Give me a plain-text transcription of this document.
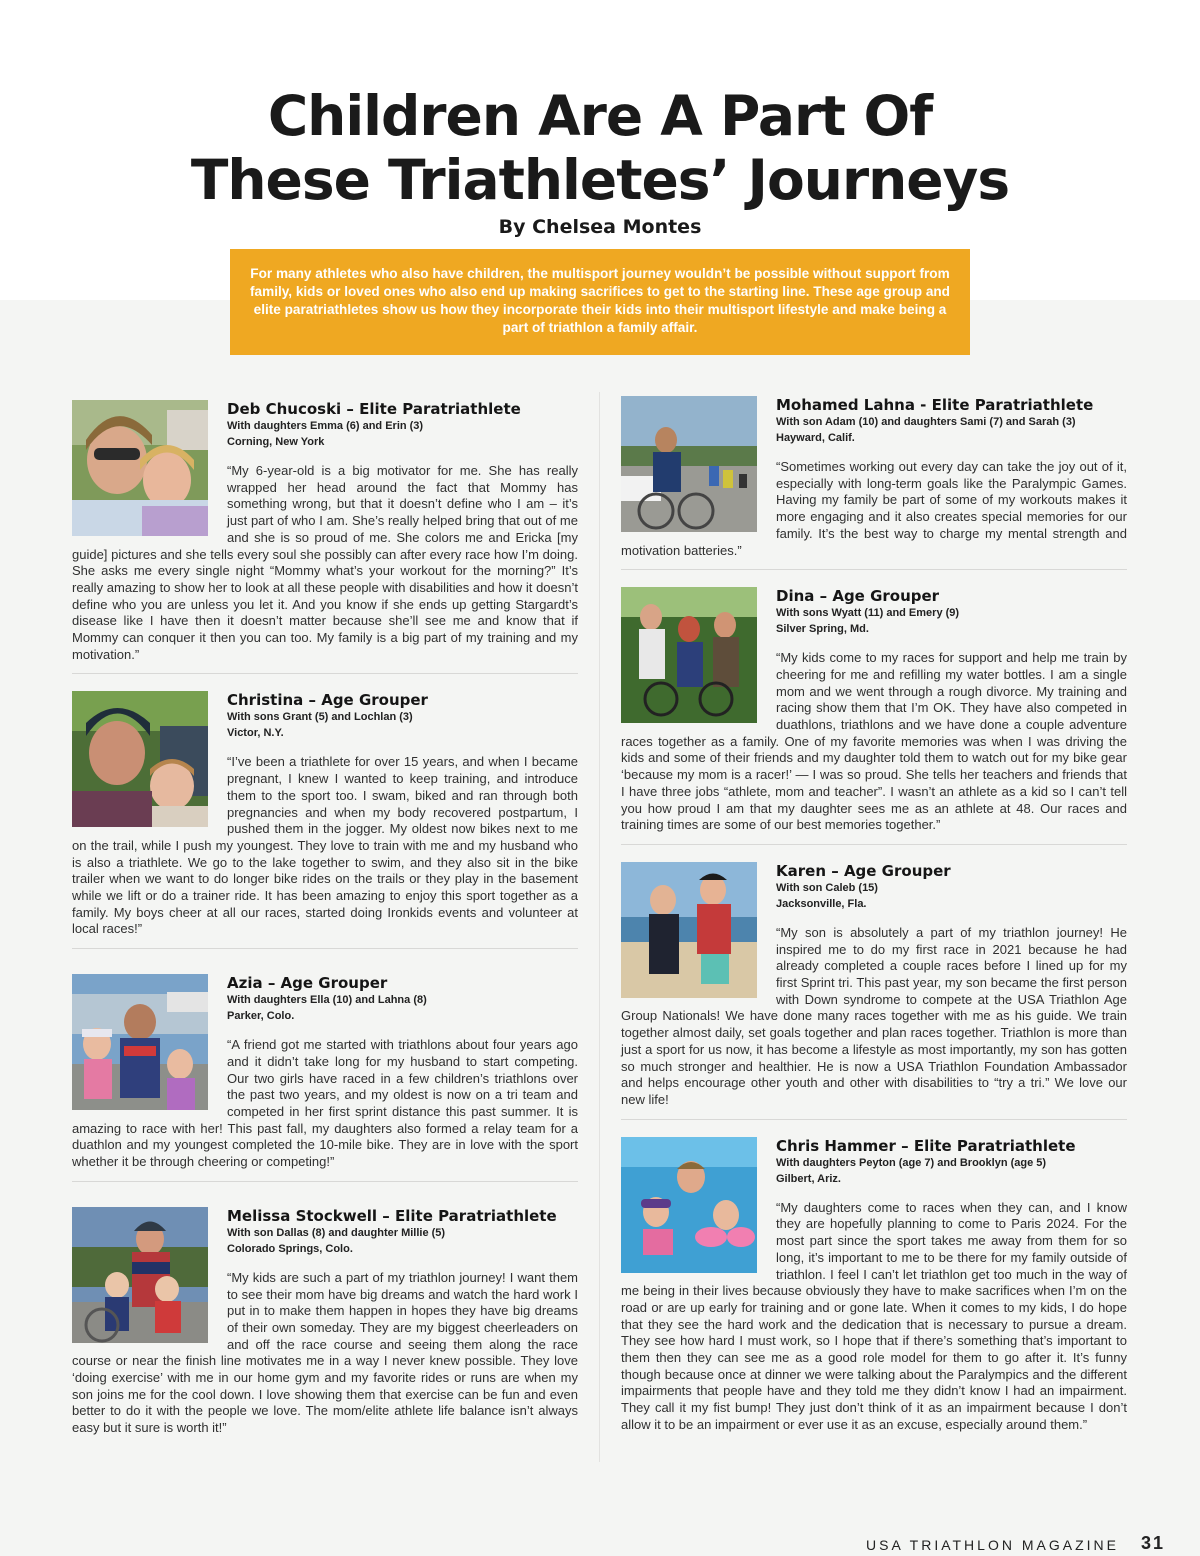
Children Are A Part Of
These Triathletes’ Journeys
By Chelsea Montes
For many athletes who also have children, the multisport journey wouldn’t be possible without support from family, kids or loved ones who also end up making sacrifices to get to the starting line. These age group and elite paratriathletes show us how they incorporate their kids into their multisport lifestyle and make being a part of triathlon a family affair.

Deb Chucoski – Elite Paratriathlete

With daughters Emma (6) and Erin (3)

Corning, New York

“My 6-year-old is a big motivator for me. She has really wrapped her head around the fact that Mommy has something wrong, but that it doesn’t define who I am – it’s just part of who I am. She’s really helped bring that out of me and she is so proud of me. She colors me and Ericka [my guide] pictures and she tells every soul she possibly can after every race how I’m doing. She asks me every single night “Mommy what’s your workout for the morning?” It’s really amazing to show her to look at all these people with disabilities and how it doesn’t define who you are unless you let it. And you know if she ends up getting Stargardt’s disease like I have then it doesn’t matter because she’ll see me and know that if Mommy can conquer it then you can too. My family is a big part of my training and my motivation.”

Christina – Age Grouper

With sons Grant (5) and Lochlan (3)

Victor, N.Y.

“I’ve been a triathlete for over 15 years, and when I became pregnant, I knew I wanted to keep training, and introduce them to the sport too. I swam, biked and ran through both pregnancies and when my body recovered postpartum, I pushed them in the jogger. My oldest now bikes next to me on the trail, while I push my youngest. They love to train with me and my husband who is also a triathlete. We go to the lake together to swim, and they also sit in the bike trailer when we want to do longer bike rides on the trails or they play in the basement while we lift or do a trainer ride. It has been amazing to enjoy this sport together as a family. My boys cheer at all our races, started doing Ironkids events and volunteer at local races!”

Azia – Age Grouper

With daughters Ella (10) and Lahna (8)

Parker, Colo.

“A friend got me started with triathlons about four years ago and it didn’t take long for my husband to start competing. Our two girls have raced in a few children’s triathlons over the past two years, and my oldest is now on a tri team and competed in her first sprint distance this past summer. It is amazing to race with her! This past fall, my daughters also formed a relay team for a duathlon and my youngest completed the 10-mile bike. They are in love with the sport whether it be through cheering or competing!”

Melissa Stockwell – Elite Paratriathlete

With son Dallas (8) and daughter Millie (5)

Colorado Springs, Colo.

“My kids are such a part of my triathlon journey! I want them to see their mom have big dreams and watch the hard work I put in to make them happen in hopes they have big dreams of their own someday. They are my biggest cheerleaders on and off the race course and seeing them along the race course or near the finish line motivates me in a way I never knew possible. They love ‘doing exercise’ with me in our home gym and my favorite rides or runs are when my son joins me for the cool down. I love showing them that exercise can be fun and even better to do it with the people we love. The mom/elite athlete life balance isn’t always easy but it sure is worth it!”

Mohamed Lahna - Elite Paratriathlete

With son Adam (10) and daughters Sami (7) and Sarah (3)

Hayward, Calif.

“Sometimes working out every day can take the joy out of it, especially with long-term goals like the Paralympic Games. Having my family be part of some of my workouts makes it more engaging and it also creates special memories for our family. It’s the best way to charge my mental strength and motivation batteries.”

Dina – Age Grouper

With sons Wyatt (11) and Emery (9)

Silver Spring, Md.

“My kids come to my races for support and help me train by cheering for me and refilling my water bottles. I am a single mom and we went through a rough divorce. My training and racing show them that I’m OK. They have also competed in duathlons, triathlons and we have done a couple adventure races together as a family. One of my favorite memories was when I was driving the kids and some of their friends and my daughter told them to watch out for my bike gear ‘because my mom is a racer!’ — I was so proud. She tells her teachers and friends that I have three jobs “athlete, mom and teacher”. I wasn’t an athlete as a kid so I can’t tell you how proud I am that my daughter sees me as an athlete at 48. Our races and training times are some of our best memories together.”

Karen – Age Grouper

With son Caleb (15)

Jacksonville, Fla.

“My son is absolutely a part of my triathlon journey! He inspired me to do my first race in 2021 because he had already completed a couple races before I lined up for my first Sprint tri. This past year, my son became the first person with Down syndrome to compete at the USA Triathlon Age Group Nationals! We have done many races together with me as his guide. We train together almost daily, set goals together and plan races together. Triathlon is more than just a sport for us now, it has become a lifestyle as most importantly, my son has gotten so much stronger and healthier. He is now a USA Triathlon Foundation Ambassador and helps encourage other youth and other with disabilities to “try a tri.” We love our new life!

Chris Hammer – Elite Paratriathlete

With daughters Peyton (age 7) and Brooklyn (age 5)

Gilbert, Ariz.

“My daughters come to races when they can, and I know they are hopefully planning to come to Paris 2024. For the most part since the sport takes me away from them for so long, it’s important to me to be there for my family outside of triathlon. I feel I can’t let triathlon get too much in the way of me being in their lives because obviously they have to make sacrifices when I’m on the road or are up early for training and or gone late. When it comes to my kids, I do hope that they see the hard work and the dedication that is necessary to pursue a dream. They see how hard I must work, so I hope that if there’s something that’s important to them then they can see me as a good role model for them to go after it. It’s funny though because once at dinner we were talking about the Paralympics and the different impairments that people have and they told me they didn’t know I had an impairment. They call it my fist bump! They just don’t think of it as an impairment because I don’t allow it to be an impairment or ever use it as an excuse, especially around them.”

USA TRIATHLON MAGAZINE 31
